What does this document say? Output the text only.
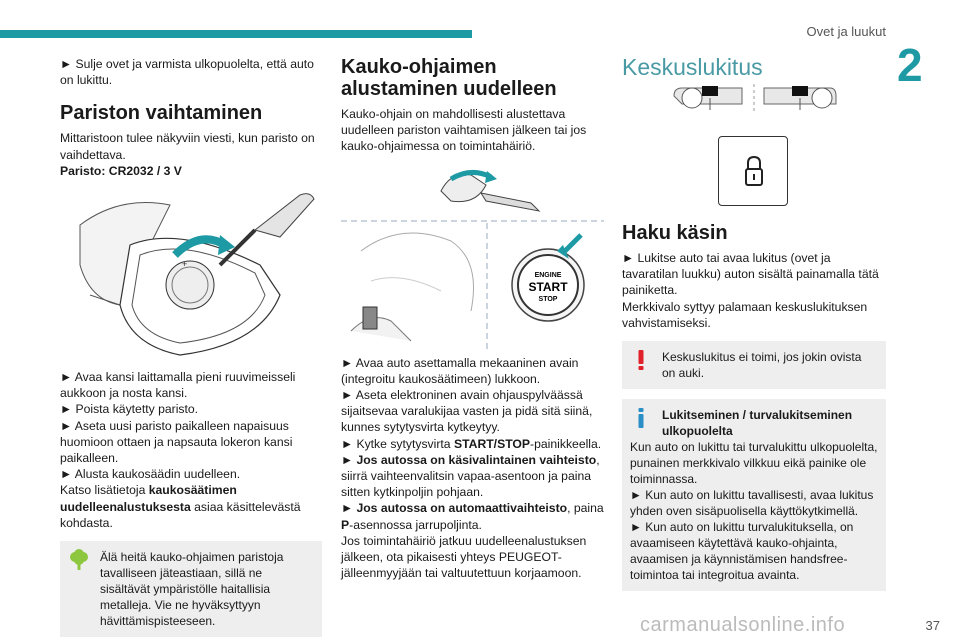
Ovet ja luukut
2

► Sulje ovet ja varmista ulkopuolelta, että auto on lukittu.

Pariston vaihtaminen

Mittaristoon tulee näkyviin viesti, kun paristo on vaihdettava.

Paristo: CR2032 / 3 V

+

► Avaa kansi laittamalla pieni ruuvimeisseli aukkoon ja nosta kansi.

► Poista käytetty paristo.

► Aseta uusi paristo paikalleen napaisuus huomioon ottaen ja napsauta lokeron kansi paikalleen.

► Alusta kaukosäädin uudelleen.

Katso lisätietoja kaukosäätimen uudelleenalustuksesta asiaa käsittelevästä kohdasta.

Älä heitä kauko-ohjaimen paristoja tavalliseen jäteastiaan, sillä ne sisältävät ympäristölle haitallisia metalleja. Vie ne hyväksyttyyn hävittämispisteeseen.

Kauko-ohjaimen
alustaminen uudelleen

Kauko-ohjain on mahdollisesti alustettava uudelleen pariston vaihtamisen jälkeen tai jos kauko-ohjaimessa on toimintahäiriö.

ENGINE
START
STOP

► Avaa auto asettamalla mekaaninen avain (integroitu kaukosäätimeen) lukkoon.

► Aseta elektroninen avain ohjauspylväässä sijaitsevaa varalukijaa vasten ja pidä sitä siinä, kunnes sytytysvirta kytkeytyy.

► Kytke sytytysvirta START/STOP-painikkeella.

► Jos autossa on käsivalintainen vaihteisto, siirrä vaihteenvalitsin vapaa-asentoon ja paina sitten kytkinpoljin pohjaan.

► Jos autossa on automaattivaihteisto, paina P-asennossa jarrupoljinta.

Jos toimintahäiriö jatkuu uudelleenalustuksen jälkeen, ota pikaisesti yhteys PEUGEOT-jälleenmyyjään tai valtuutettuun korjaamoon.

Keskuslukitus
Haku käsin

► Lukitse auto tai avaa lukitus (ovet ja tavaratilan luukku) auton sisältä painamalla tätä painiketta.

Merkkivalo syttyy palamaan keskuslukituksen vahvistamiseksi.

Keskuslukitus ei toimi, jos jokin ovista on auki.

Lukitseminen / turvalukitseminen ulkopuolelta

Kun auto on lukittu tai turvalukittu ulkopuolelta, punainen merkkivalo vilkkuu eikä painike ole toiminnassa.

► Kun auto on lukittu tavallisesti, avaa lukitus yhden oven sisäpuolisella käyttökytkimellä.

► Kun auto on lukittu turvalukituksella, on avaamiseen käytettävä kauko-ohjainta, avaamisen ja käynnistämisen handsfree-toimintoa tai integroitua avainta.

carmanualsonline.info	37
